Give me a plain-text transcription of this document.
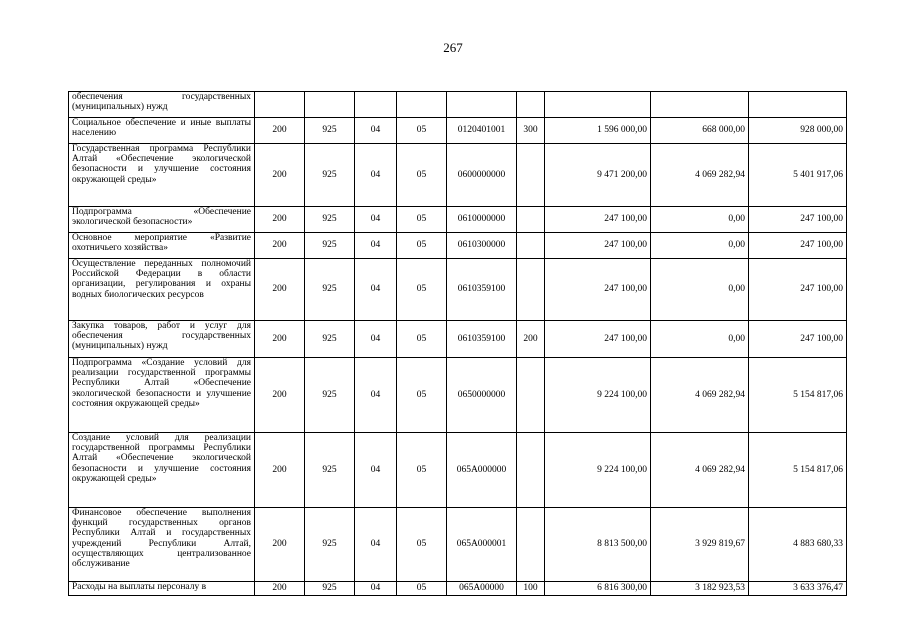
267
обеспечения государственных (муниципальных) нужд									
Социальное обеспечение и иные выплаты населению	200	925	04	05	0120401001	300	1 596 000,00	668 000,00	928 000,00
Государственная программа Республики Алтай «Обеспечение экологической безопасности и улучшение состояния окружающей среды»	200	925	04	05	0600000000		9 471 200,00	4 069 282,94	5 401 917,06
Подпрограмма «Обеспечение экологической безопасности»	200	925	04	05	0610000000		247 100,00	0,00	247 100,00
Основное мероприятие «Развитие охотничьего хозяйства»	200	925	04	05	0610300000		247 100,00	0,00	247 100,00
Осуществление переданных полномочий Российской Федерации в области организации, регулирования и охраны водных биологических ресурсов	200	925	04	05	0610359100		247 100,00	0,00	247 100,00
Закупка товаров, работ и услуг для обеспечения государственных (муниципальных) нужд	200	925	04	05	0610359100	200	247 100,00	0,00	247 100,00
Подпрограмма «Создание условий для реализации государственной программы Республики Алтай «Обеспечение экологической безопасности и улучшение состояния окружающей среды»	200	925	04	05	0650000000		9 224 100,00	4 069 282,94	5 154 817,06
Создание условий для реализации государственной программы Республики Алтай «Обеспечение экологической безопасности и улучшение состояния окружающей среды»	200	925	04	05	065А000000		9 224 100,00	4 069 282,94	5 154 817,06
Финансовое обеспечение выполнения функций государственных органов Республики Алтай и государственных учреждений Республики Алтай, осуществляющих централизованное обслуживание	200	925	04	05	065А000001		8 813 500,00	3 929 819,67	4 883 680,33
Расходы на выплаты персоналу в	200	925	04	05	065А00000	100	6 816 300,00	3 182 923,53	3 633 376,47
